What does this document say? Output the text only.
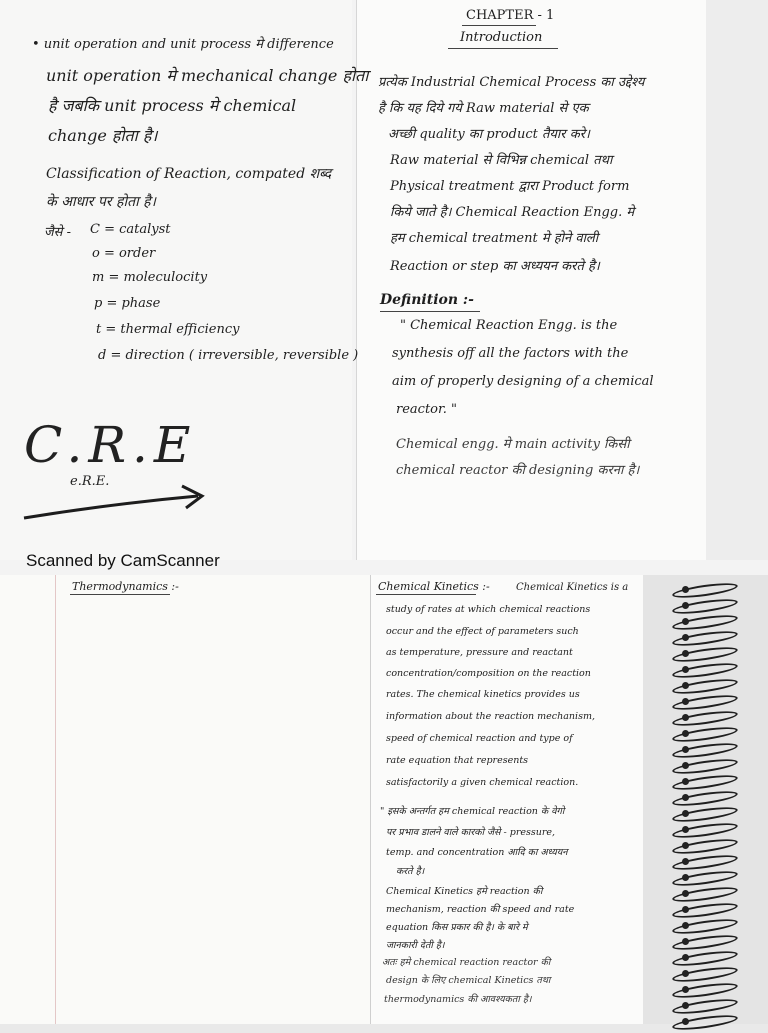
• unit operation and unit process मे difference
unit operation मे mechanical change होता
है जबकि unit process मे chemical
change होता है।
Classification of Reaction, compated शब्द
के आधार पर होता है।
जैसे - C = catalyst
o = order
m = moleculocity
p = phase
t = thermal efficiency
d = direction ( irreversible, reversible )
C.R.E
e.R.E.
CHAPTER - 1
Introduction
प्रत्येक Industrial Chemical Process का उद्देश्य
है कि यह दिये गये Raw material से एक
अच्छी quality का product तैयार करे।
Raw material से विभिन्न chemical तथा
Physical treatment द्वारा Product form
किये जाते है। Chemical Reaction Engg. मे
हम chemical treatment मे होने वाली
Reaction or step का अध्ययन करते है।
Definition :-
" Chemical Reaction Engg. is the
synthesis off all the factors with the
aim of properly designing of a chemical
reactor. "
Chemical engg. मे main activity किसी
chemical reactor की designing करना है।
Scanned by CamScanner
Thermodynamics :-	Chemical Kinetics :-	Chemical Kinetics is a
study of rates at which chemical reactions
occur and the effect of parameters such
as temperature, pressure and reactant
concentration/composition on the reaction
rates. The chemical kinetics provides us
information about the reaction mechanism,
speed of chemical reaction and type of
rate equation that represents
satisfactorily a given chemical reaction.
" इसके अन्तर्गत हम chemical reaction के वेगो
पर प्रभाव डालने वाले कारको जैसे - pressure,
temp. and concentration आदि का अध्ययन
करते है।
Chemical Kinetics हमे reaction की
mechanism, reaction की speed and rate
equation किस प्रकार की है। के बारे मे
जानकारी देती है।
अतः हमे chemical reaction reactor की
design के लिए chemical Kinetics तथा
thermodynamics की आवश्यकता है।
